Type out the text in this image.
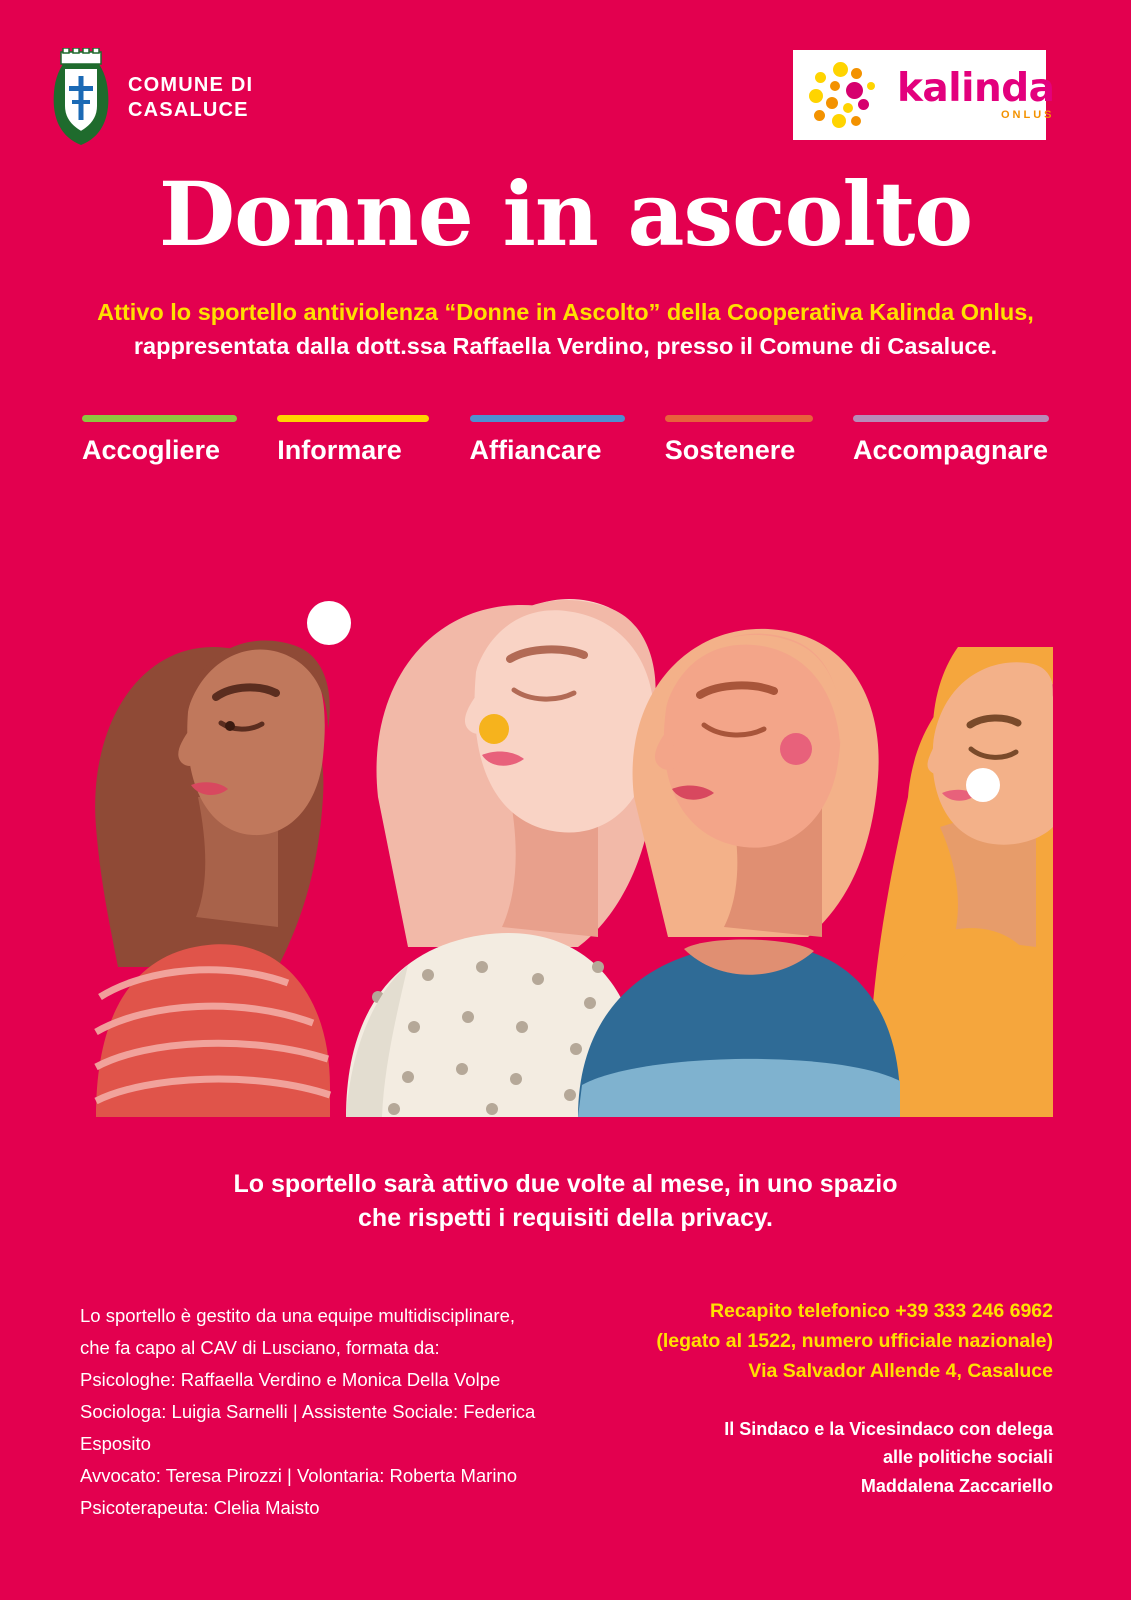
COMUNE DI
CASALUCE	kalinda
ONLUS
Donne in ascolto
Attivo lo sportello antiviolenza “Donne in Ascolto” della Cooperativa Kalinda Onlus,
rappresentata dalla dott.ssa Raffaella Verdino, presso il Comune di Casaluce.
Accogliere	Informare	Affiancare	Sostenere	Accompagnare
Lo sportello sarà attivo due volte al mese, in uno spazio
che rispetti i requisiti della privacy.
Lo sportello è gestito da una equipe multidisciplinare,
che fa capo al CAV di Lusciano, formata da:
Psicologhe: Raffaella Verdino e Monica Della Volpe
Sociologa: Luigia Sarnelli | Assistente Sociale: Federica Esposito
Avvocato: Teresa Pirozzi | Volontaria: Roberta Marino
Psicoterapeuta: Clelia Maisto
Recapito telefonico +39 333 246 6962
(legato al 1522, numero ufficiale nazionale)
Via Salvador Allende 4, Casaluce
Il Sindaco e la Vicesindaco con delega
alle politiche sociali
Maddalena Zaccariello
